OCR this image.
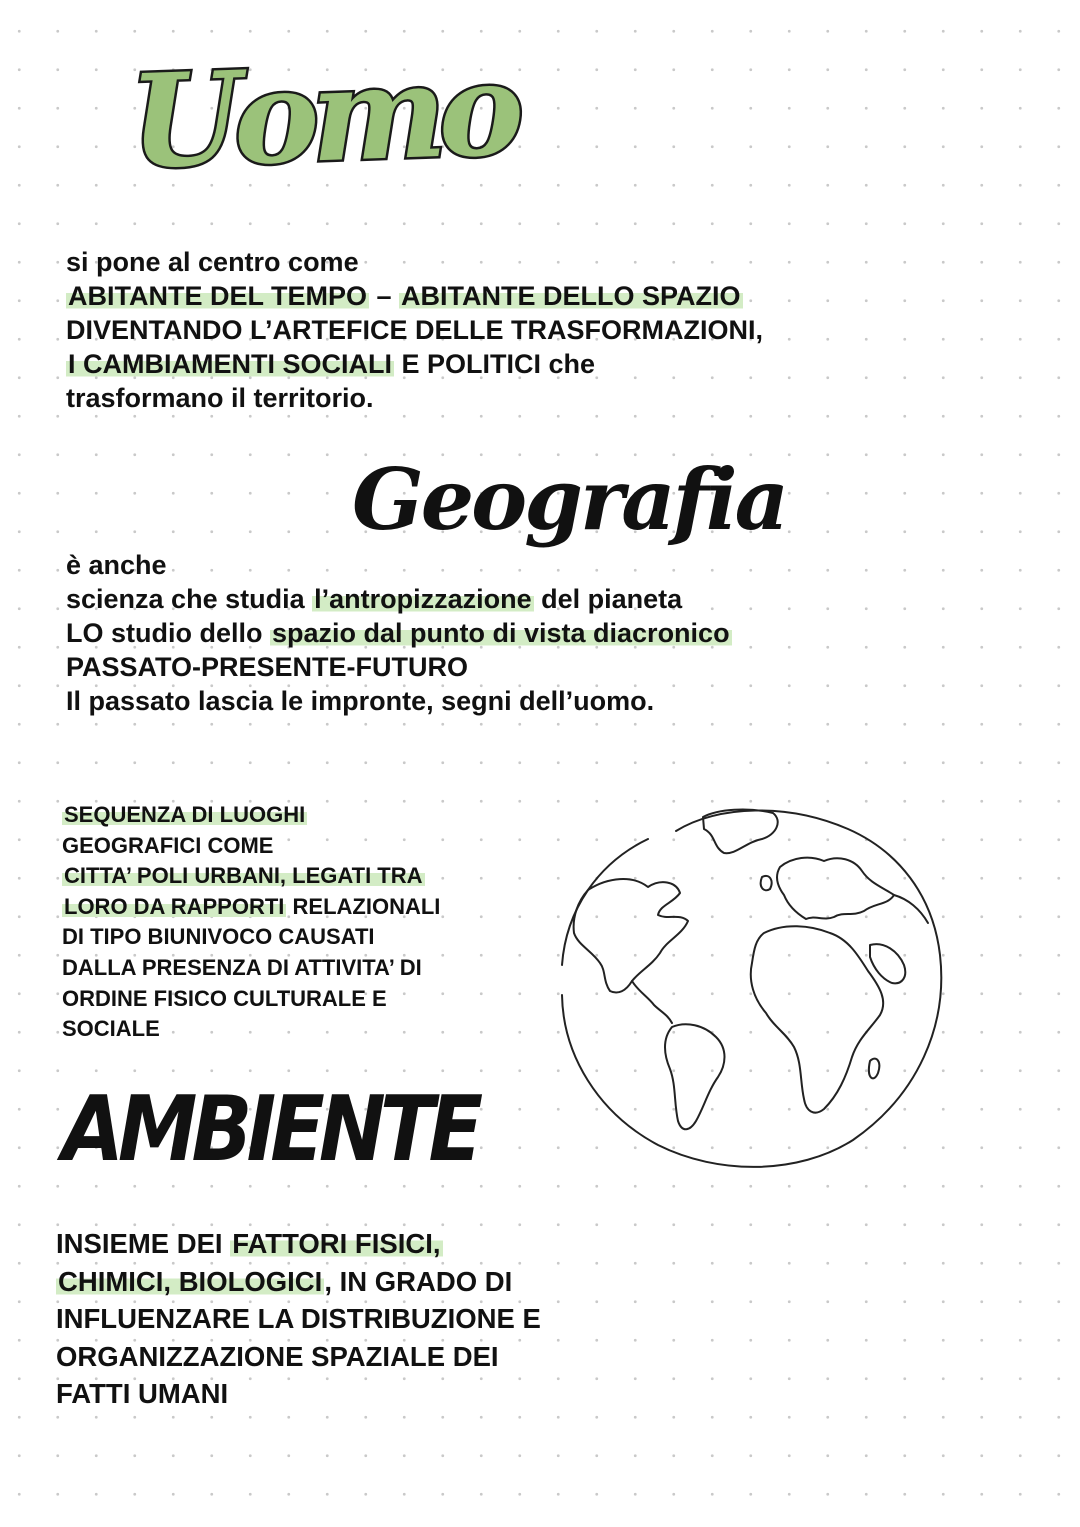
Uomo
si pone al centro come
ABITANTE DEL TEMPO – ABITANTE DELLO SPAZIO
DIVENTANDO L’ARTEFICE DELLE TRASFORMAZIONI,
I CAMBIAMENTI SOCIALI E POLITICI che
trasformano il territorio.
Geografia
è anche
scienza che studia l’antropizzazione del pianeta
LO studio dello spazio dal punto di vista diacronico
PASSATO-PRESENTE-FUTURO
Il passato lascia le impronte, segni dell’uomo.
SEQUENZA DI LUOGHI
GEOGRAFICI COME
CITTA’ POLI URBANI, LEGATI TRA
LORO DA RAPPORTI RELAZIONALI
DI TIPO BIUNIVOCO CAUSATI
DALLA PRESENZA DI ATTIVITA’ DI
ORDINE FISICO CULTURALE E
SOCIALE
AMBIENTE
INSIEME DEI FATTORI FISICI,
CHIMICI, BIOLOGICI, IN GRADO DI
INFLUENZARE LA DISTRIBUZIONE E
ORGANIZZAZIONE SPAZIALE DEI
FATTI UMANI
